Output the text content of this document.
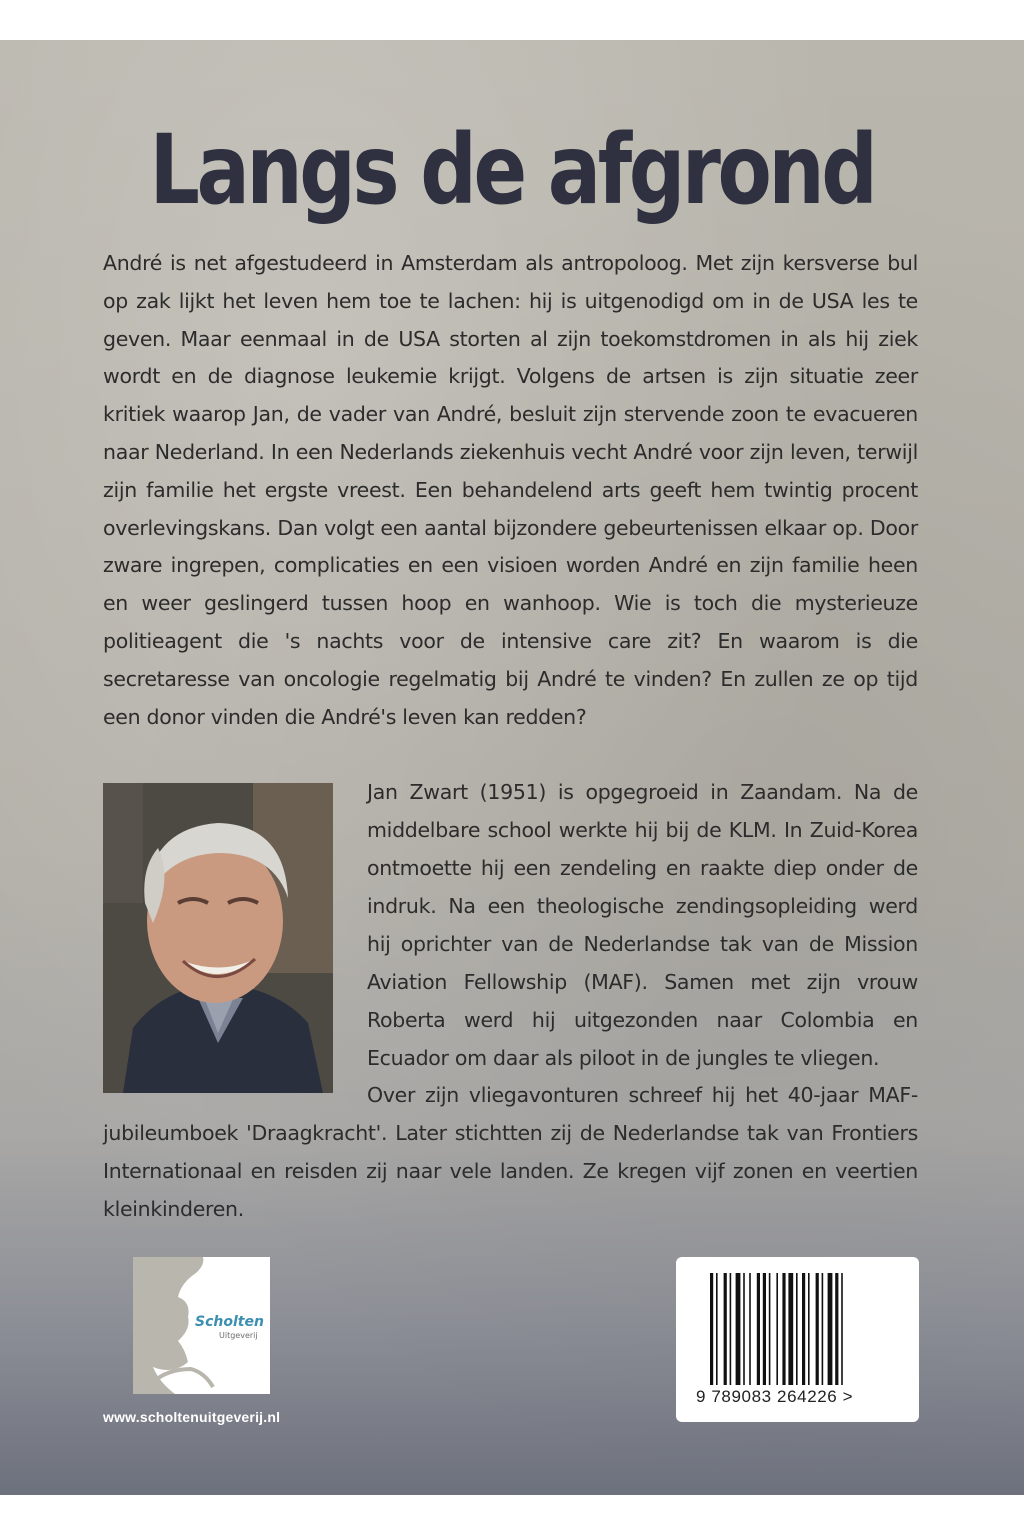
Langs de afgrond

André is net afgestudeerd in Amsterdam als antropoloog. Met zijn kersverse bul op zak lijkt het leven hem toe te lachen: hij is uitgenodigd om in de USA les te geven. Maar eenmaal in de USA storten al zijn toekomstdromen in als hij ziek wordt en de diagnose leukemie krijgt. Volgens de artsen is zijn situatie zeer kritiek waarop Jan, de vader van André, besluit zijn stervende zoon te evacueren naar Nederland. In een Nederlands ziekenhuis vecht André voor zijn leven, terwijl zijn familie het ergste vreest. Een behandelend arts geeft hem twintig procent overlevingskans. Dan volgt een aantal bijzondere gebeurtenissen elkaar op. Door zware ingrepen, complicaties en een visioen worden André en zijn familie heen en weer geslingerd tussen hoop en wanhoop. Wie is toch die mysterieuze politieagent die 's nachts voor de intensive care zit? En waarom is die secretaresse van oncologie regelmatig bij André te vinden? En zullen ze op tijd een donor vinden die André's leven kan redden?

Jan Zwart (1951) is opgegroeid in Zaandam. Na de middelbare school werkte hij bij de KLM. In Zuid-Korea ontmoette hij een zendeling en raakte diep onder de indruk. Na een theologische zendingsopleiding werd hij oprichter van de Nederlandse tak van de Mission Aviation Fellowship (MAF). Samen met zijn vrouw Roberta werd hij uitgezonden naar Colombia en Ecuador om daar als piloot in de jungles te vliegen.

Over zijn vliegavonturen schreef hij het 40-jaar MAF-jubileumboek 'Draagkracht'. Later stichtten zij de Nederlandse tak van Frontiers Internationaal en reisden zij naar vele landen. Ze kregen vijf zonen en veertien kleinkinderen.

Scholten
Uitgeverij
www.scholtenuitgeverij.nl
9 789083 264226 >
